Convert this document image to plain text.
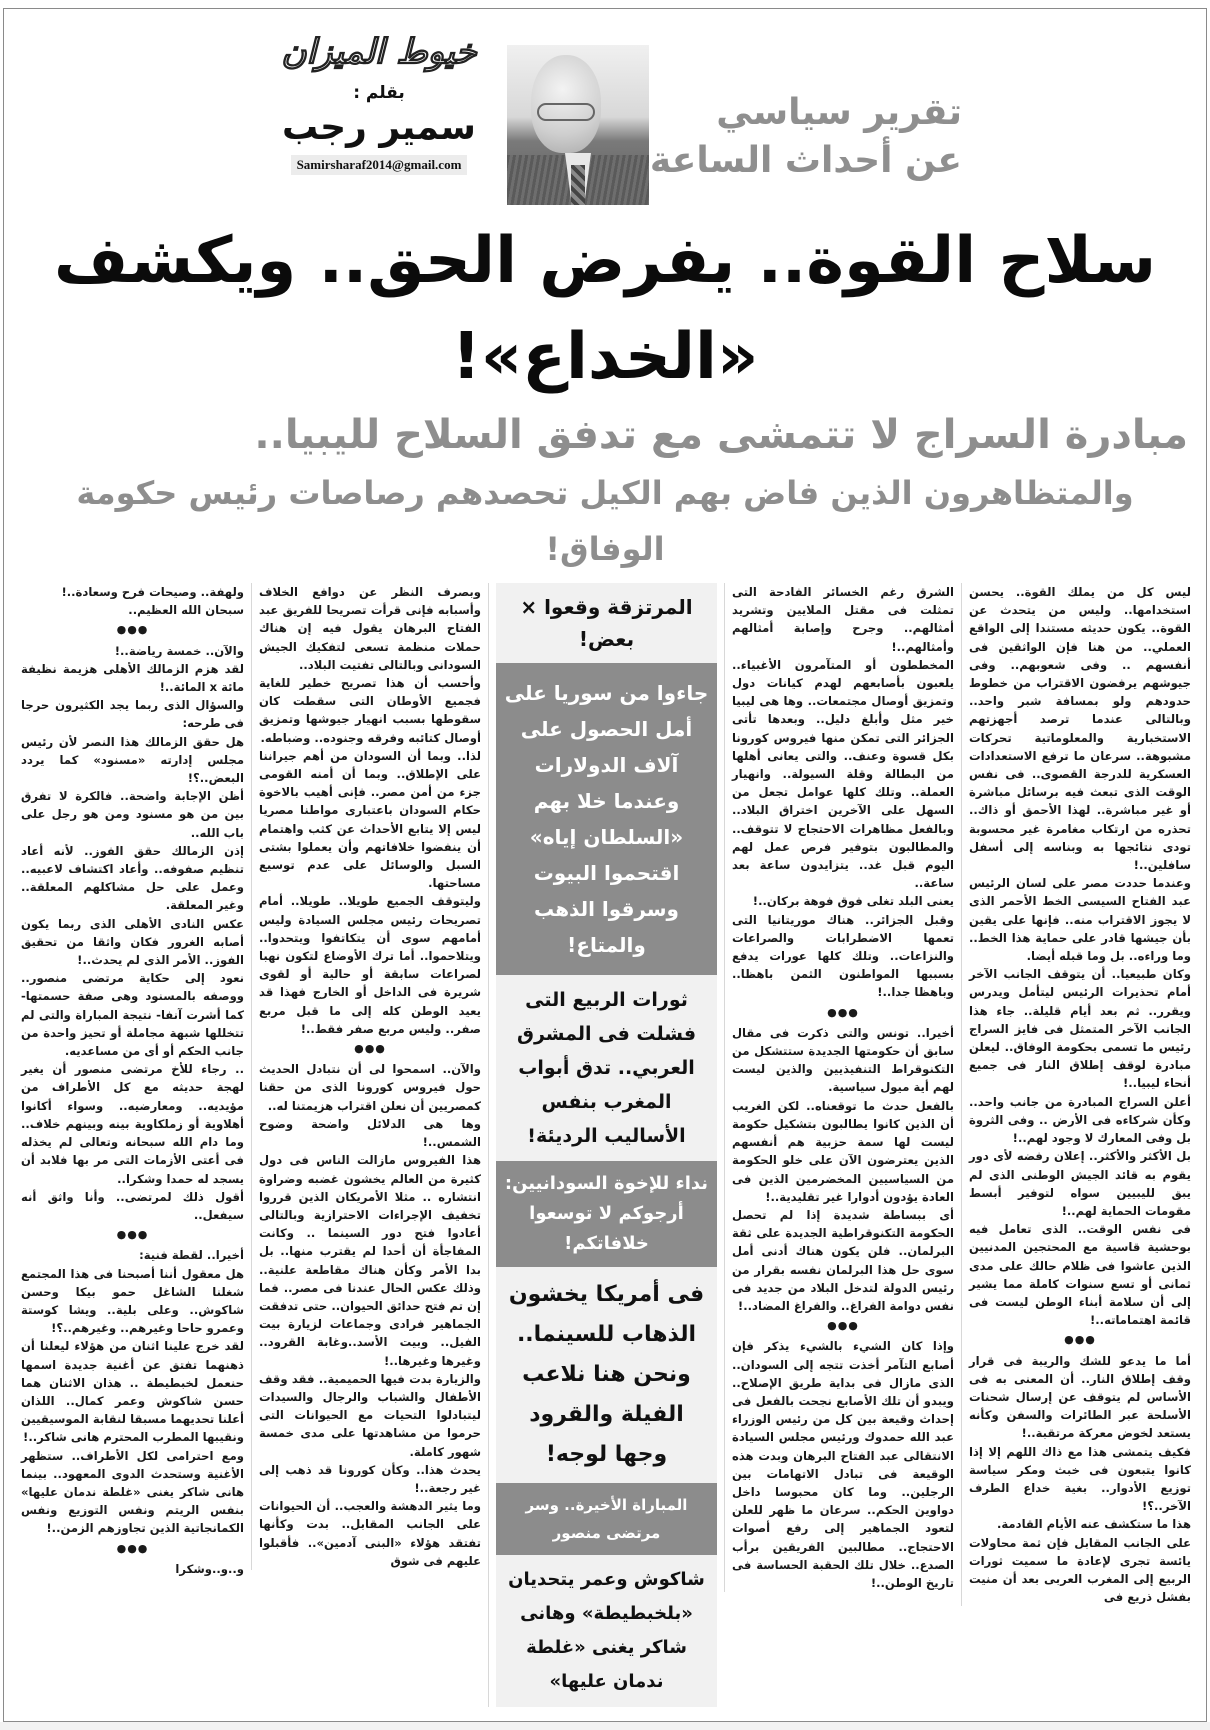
تقرير سياسي
عن أحداث الساعة
خيوط الميزان
بقلم :
سمير رجب
Samirsharaf2014@gmail.com
سلاح القوة.. يفرض الحق.. ويكشف «الخداع»!
مبادرة السراج لا تتمشى مع تدفق السلاح لليبيا..
والمتظاهرون الذين فاض بهم الكيل تحصدهم رصاصات رئيس حكومة الوفاق!

ليس كل من يملك القوة.. يحسن استخدامها.. وليس من يتحدث عن القوة.. يكون حديثه مستندا إلى الواقع العملي.. من هنا فإن الواثقين فى أنفسهم .. وفى شعوبهم.. وفى جيوشهم يرفضون الاقتراب من خطوط حدودهم ولو بمسافة شبر واحد.. وبالتالى عندما ترصد أجهزتهم الاستخبارية والمعلوماتية تحركات مشبوهة.. سرعان ما ترفع الاستعدادات العسكرية للدرجة القصوى.. فى نفس الوقت الذى تبعث فيه برسائل مباشرة أو غير مباشرة.. لهذا الأحمق أو ذاك.. تحذره من ارتكاب مغامرة غير محسوبة تودى نتائجها به وبناسه إلى أسفل سافلين..!

وعندما حددت مصر على لسان الرئيس عبد الفتاح السيسى الخط الأحمر الذى لا يجوز الاقتراب منه.. فإنها على يقين بأن جيشها قادر على حماية هذا الخط.. وما وراءه.. بل وما قبله أيضا.

وكان طبيعيا.. أن يتوقف الجانب الآخر أمام تحذيرات الرئيس ليتأمل ويدرس ويقرر.. ثم بعد أيام قليلة.. جاء هذا الجانب الآخر المتمثل فى فايز السراج رئيس ما تسمى بحكومة الوفاق.. ليعلن مبادرة لوقف إطلاق النار فى جميع أنحاء ليبيا..!

أعلن السراج المبادرة من جانب واحد.. وكأن شركاءه فى الأرض .. وفى الثروة بل وفى المعارك لا وجود لهم..!

بل الأكثر والأكثر.. إعلان رفضه لأى دور يقوم به قائد الجيش الوطنى الذى لم يبق لليبيين سواه لتوفير أبسط مقومات الحماية لهم..!

فى نفس الوقت.. الذى تعامل فيه بوحشية قاسية مع المحتجين المدنيين الذين عاشوا فى ظلام حالك على مدى ثمانى أو تسع سنوات كاملة مما يشير إلى أن سلامة أبناء الوطن ليست فى قائمة اهتماماته..!

●●●

أما ما يدعو للشك والريبة فى قرار وقف إطلاق النار.. أن المعنى به فى الأساس لم يتوقف عن إرسال شحنات الأسلحة عبر الطائرات والسفن وكأنه يستعد لخوض معركة مرتقبة..!

فكيف يتمشى هذا مع ذاك اللهم إلا إذا كانوا يتبعون فى خبث ومكر سياسة توزيع الأدوار.. بغية خداع الطرف الآخر..؟!

هذا ما ستكشف عنه الأيام القادمة.

على الجانب المقابل فإن ثمة محاولات يائسة تجرى لإعادة ما سميت ثورات الربيع إلى المغرب العربى بعد أن منيت بفشل ذريع فى

الشرق رغم الخسائر الفادحة التى تمثلت فى مقتل الملايين وتشريد أمثالهم.. وجرح وإصابة أمثالهم وأمثالهم..!

المخططون أو المتآمرون الأغبياء.. يلعبون بأصابعهم لهدم كيانات دول وتمزيق أوصال مجتمعات.. وها هى ليبيا خير مثل وأبلغ دليل.. وبعدها تأتى الجزائر التى تمكن منها فيروس كورونا بكل قسوة وعنف.. والتى يعانى أهلها من البطالة وقلة السيولة.. وانهيار العملة.. وتلك كلها عوامل تجعل من السهل على الآخرين اختراق البلاد.. وبالفعل مظاهرات الاحتجاج لا تتوقف.. والمطالبون بتوفير فرص عمل لهم اليوم قبل غد.. يتزايدون ساعة بعد ساعة..

يعنى البلد تغلى فوق فوهة بركان..!

وقبل الجزائر.. هناك موريتانيا التى تعمها الاضطرابات والصراعات والنزاعات.. وتلك كلها عورات يدفع بسببها المواطنون الثمن باهظا.. وباهظا جدا..!

●●●

أخيرا.. تونس والتى ذكرت فى مقال سابق أن حكومتها الجديدة ستتشكل من التكنوقراط التنفيذيين والذين ليست لهم أية ميول سياسية.

بالفعل حدث ما توقعناه.. لكن الغريب أن الذين كانوا يطالبون بتشكيل حكومة ليست لها سمة حزبية هم أنفسهم الذين يعترضون الآن على خلو الحكومة من السياسيين المخضرمين الذين فى العادة يؤدون أدوارا غير تقليدية..!

أى ببساطة شديدة إذا لم تحصل الحكومة التكنوقراطية الجديدة على ثقة البرلمان.. فلن يكون هناك أدنى أمل سوى حل هذا البرلمان نفسه بقرار من رئيس الدولة لتدخل البلاد من جديد فى نفس دوامة الفراغ.. والفراغ المضاد..!

●●●

وإذا كان الشيء بالشيء يذكر فإن أصابع التآمر أخذت تتجه إلى السودان.. الذى مازال فى بداية طريق الإصلاح.. ويبدو أن تلك الأصابع نجحت بالفعل فى إحداث وقيعة بين كل من رئيس الوزراء عبد الله حمدوك ورئيس مجلس السيادة الانتقالى عبد الفتاح البرهان وبدت هذه الوقيعة فى تبادل الاتهامات بين الرجلين.. وما كان محبوسا داخل دواوين الحكم.. سرعان ما ظهر للعلن لتعود الجماهير إلى رفع أصوات الاحتجاج.. مطالبين الفريقين برأب الصدع.. خلال تلك الحقبة الحساسة فى تاريخ الوطن..!

المرتزقة وقعوا × بعض!
جاءوا من سوريا على أمل الحصول على آلاف الدولارات وعندما خلا بهم «السلطان إياه» اقتحموا البيوت وسرقوا الذهب والمتاع!
ثورات الربيع التى فشلت فى المشرق العربي.. تدق أبواب المغرب بنفس الأساليب الرديئة!
نداء للإخوة السودانيين: أرجوكم لا توسعوا خلافاتكم!
فى أمريكا يخشون الذهاب للسينما.. ونحن هنا نلاعب الفيلة والقرود وجها لوجه!
المباراة الأخيرة.. وسر مرتضى منصور
شاكوش وعمر يتحديان «بلخبطيطة» وهانى شاكر يغنى «غلطة ندمان عليها»

وبصرف النظر عن دوافع الخلاف وأسبابه فإنى قرأت تصريحا للفريق عبد الفتاح البرهان يقول فيه إن هناك حملات منظمة تسعى لتفكيك الجيش السودانى وبالتالى تفتيت البلاد..

وأحسب أن هذا تصريح خطير للغاية فجميع الأوطان التى سقطت كان سقوطها بسبب انهيار جيوشها وتمزيق أوصال كتائبه وفرقه وجنوده.. وضباطه.

لذا.. وبما أن السودان من أهم جيراننا على الإطلاق.. وبما أن أمنه القومى جزء من أمن مصر.. فإنى أهيب بالاخوة حكام السودان باعتبارى مواطنا مصريا ليس إلا يتابع الأحداث عن كثب واهتمام أن ينفضوا خلافاتهم وأن يعملوا بشتى السبل والوسائل على عدم توسيع مساحتها.

وليتوقف الجميع طويلا.. طويلا.. أمام تصريحات رئيس مجلس السيادة وليس أمامهم سوى أن يتكاتفوا ويتحدوا.. ويتلاحموا.. أما ترك الأوضاع لتكون نهبا لصراعات سابقة أو حالية أو لقوى شريرة فى الداخل أو الخارج فهذا قد يعيد الوطن كله إلى ما قبل مربع صفر.. وليس مربع صفر فقط..!

●●●

والآن.. اسمحوا لى أن نتبادل الحديث حول فيروس كورونا الذى من حقنا كمصريين أن نعلن اقتراب هزيمتنا له..

وها هى الدلائل واضحة وضوح الشمس..!

هذا الفيروس مازالت الناس فى دول كثيرة من العالم يخشون غضبه وضراوة انتشاره .. مثلا الأمريكان الذين قرروا تخفيف الإجراءات الاحترازية وبالتالى أعادوا فتح دور السينما .. وكانت المفاجأة أن أحدا لم يقترب منها.. بل بدا الأمر وكأن هناك مقاطعة علنية.. وذلك عكس الحال عندنا فى مصر.. فما إن تم فتح حدائق الحيوان.. حتى تدفقت الجماهير فرادى وجماعات لزيارة بيت الفيل.. وبيت الأسد..وغابة القرود.. وغيرها وغيرها..!

والزيارة بدت فيها الحميمية.. فقد وقف الأطفال والشباب والرجال والسيدات ليتبادلوا التحيات مع الحيوانات التى حرموا من مشاهدتها على مدى خمسة شهور كاملة.

يحدث هذا.. وكأن كورونا قد ذهب إلى غير رجعة..!

وما يثير الدهشة والعجب.. أن الحيوانات على الجانب المقابل.. بدت وكأنها تفتقد هؤلاء «البنى آدمين».. فأقبلوا عليهم فى شوق

ولهفة.. وصيحات فرح وسعادة..!

سبحان الله العظيم..

●●●

والآن.. خمسة رياضة..!

لقد هزم الزمالك الأهلى هزيمة نظيفة مائة x المائة..!

والسؤال الذى ربما يجد الكثيرون حرجا فى طرحه:

هل حقق الزمالك هذا النصر لأن رئيس مجلس إدارته «مسنود» كما يردد البعض..؟!

أظن الإجابة واضحة.. فالكرة لا تفرق بين من هو مسنود ومن هو رجل على باب الله..

إذن الزمالك حقق الفوز.. لأنه أعاد تنظيم صفوفه.. وأعاد اكتشاف لاعبيه.. وعمل على حل مشاكلهم المعلقة.. وغير المعلقة.

عكس النادى الأهلى الذى ربما يكون أصابه الغرور فكان واثقا من تحقيق الفوز.. الأمر الذى لم يحدث..!

نعود إلى حكاية مرتضى منصور.. ووصفه بالمسنود وهى صفة حسمتها- كما أشرت آنفا- نتيجة المباراة والتى لم تتخللها شبهة مجاملة أو تحيز واحدة من جانب الحكم أو أى من مساعديه.

.. رجاء للأخ مرتضى منصور أن يغير لهجة حديثه مع كل الأطراف من مؤيديه.. ومعارضيه.. وسواء أكانوا أهلاوية أو زملكاوية بينه وبينهم خلاف.. وما دام الله سبحانه وتعالى لم يخذله فى أعتى الأزمات التى مر بها فلابد أن يسجد له حمدا وشكرا..

أقول ذلك لمرتضى.. وأنا واثق أنه سيفعل..

●●●

أخيرا.. لقطة فنية:

هل معقول أننا أصبحنا فى هذا المجتمع شغلنا الشاغل حمو بيكا وحسن شاكوش.. وعلى بلية.. ويشا كوستة وعمرو حاحا وغيرهم.. وغيرهم..؟!

لقد خرج علينا اثنان من هؤلاء ليعلنا أن ذهنهما تفتق عن أغنية جديدة اسمها حنعمل لخبطيطة .. هذان الاثنان هما حسن شاكوش وعمر كمال.. اللذان أعلنا تحديهما مسبقا لنقابة الموسيقيين ونقيبها المطرب المحترم هانى شاكر..!

ومع احترامى لكل الأطراف.. ستظهر الأغنية وستحدث الدوى المعهود.. بينما هانى شاكر يغنى «غلطة ندمان عليها» بنفس الريتم ونفس التوزيع ونفس الكمانجاتية الذين تجاوزهم الزمن..!

●●●

و..و..وشكرا
